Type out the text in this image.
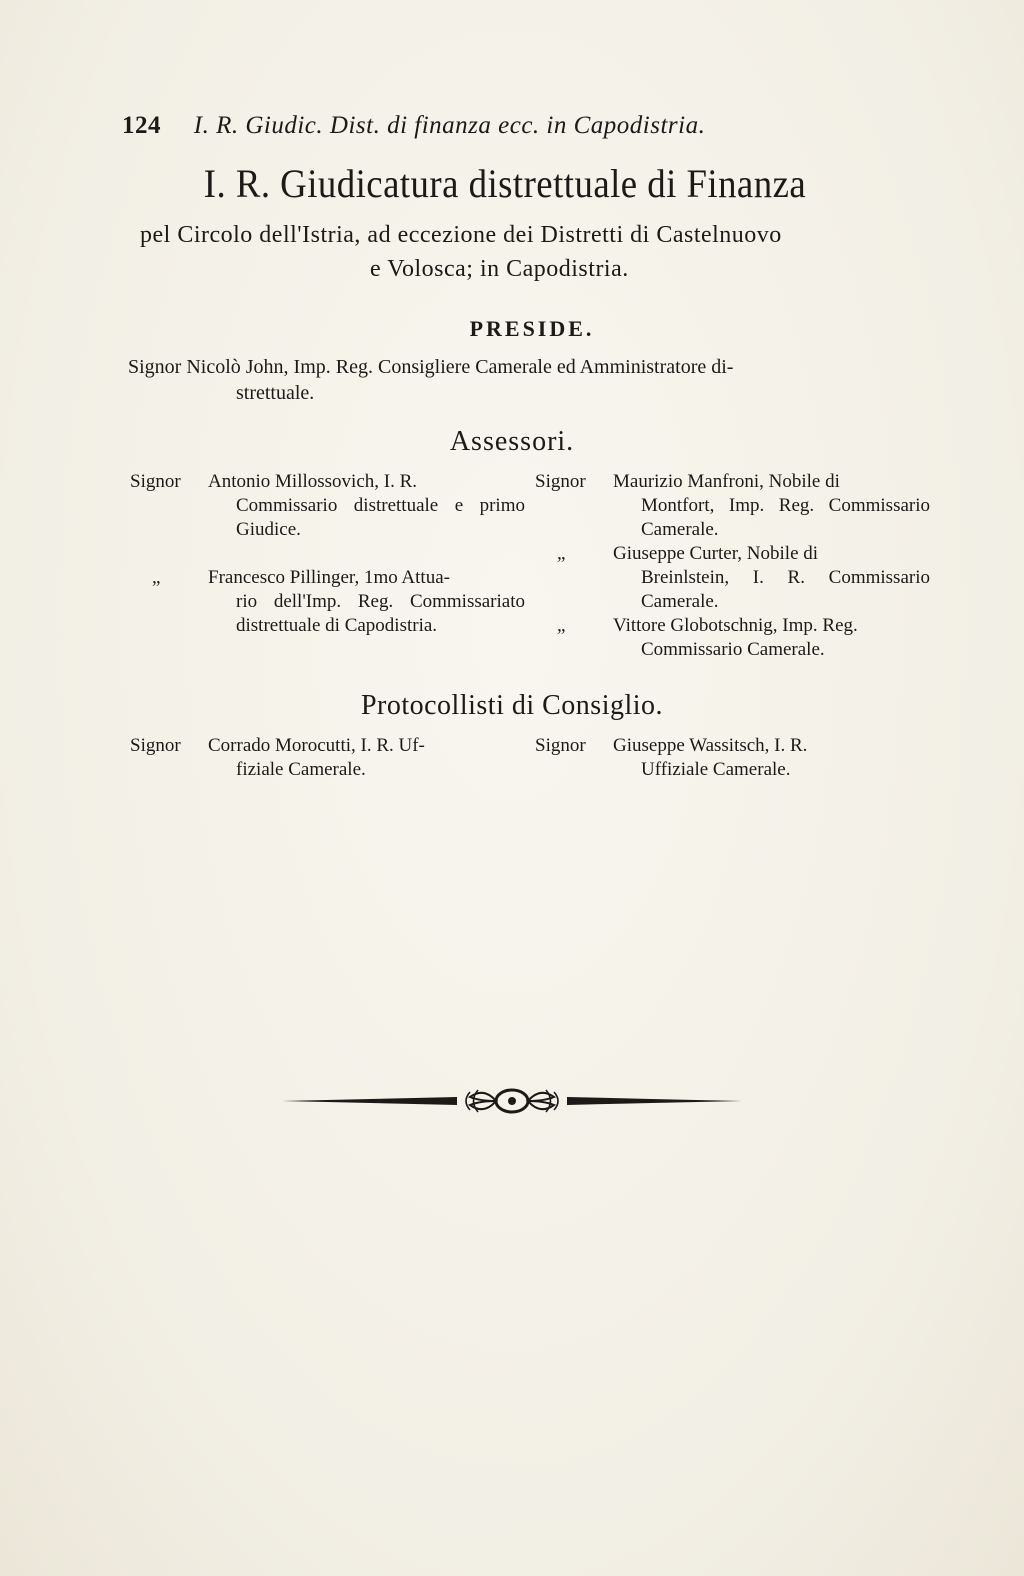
124 I. R. Giudic. Dist. di finanza ecc. in Capodistria.
I. R. Giudicatura distrettuale di Finanza
pel Circolo dell'Istria, ad eccezione dei Distretti di Castelnuovo
e Volosca; in Capodistria.
PRESIDE.
Signor Nicolò John, Imp. Reg. Consigliere Camerale ed Amministratore di-
strettuale.
Assessori.
Signor Antonio Millossovich, I. R.
Commissario distrettuale e primo Giudice.
„	Francesco Pillinger, 1mo Attua-
rio dell'Imp. Reg. Commissariato distrettuale di Capodistria.
Signor Maurizio Manfroni, Nobile di
Montfort, Imp. Reg. Commissario Camerale.
„	Giuseppe Curter, Nobile di
Breinlstein, I. R. Commissario Camerale.
„	Vittore Globotschnig, Imp. Reg.
Commissario Camerale.
Protocollisti di Consiglio.
Signor Corrado Morocutti, I. R. Uf-
fiziale Camerale.
Signor Giuseppe Wassitsch, I. R.
Uffiziale Camerale.
